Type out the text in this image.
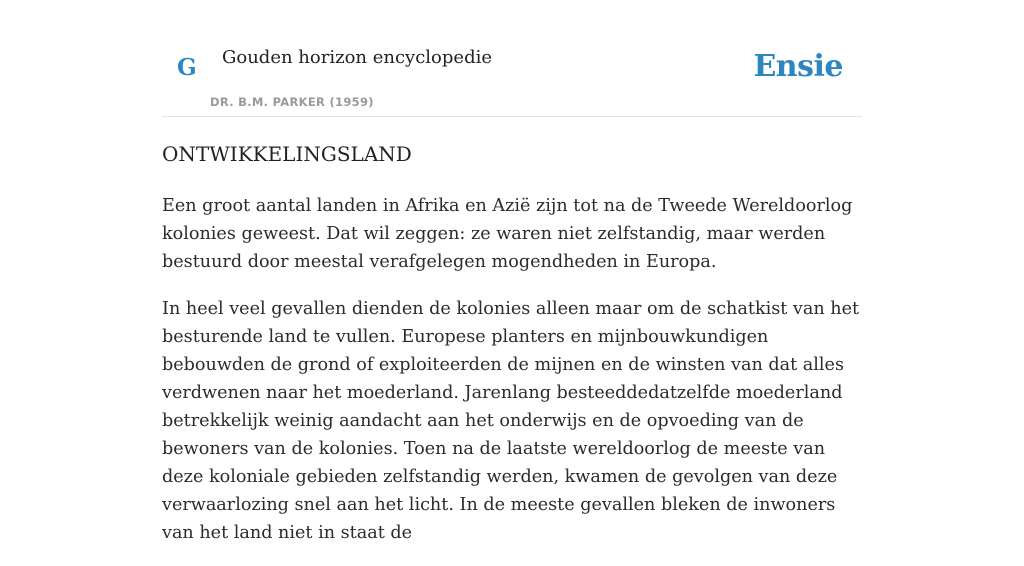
G Gouden horizon encyclopedie
DR. B.M. PARKER (1959)
Ensie
ONTWIKKELINGSLAND

Een groot aantal landen in Afrika en Azië zijn tot na de Tweede Wereldoorlog kolonies geweest. Dat wil zeggen: ze waren niet zelfstandig, maar werden bestuurd door meestal verafgelegen mogendheden in Europa.

In heel veel gevallen dienden de kolonies alleen maar om de schatkist van het besturende land te vullen. Europese planters en mijnbouwkundigen bebouwden de grond of exploiteerden de mijnen en de winsten van dat alles verdwenen naar het moederland. Jarenlang besteeddedatzelfde moederland betrekkelijk weinig aandacht aan het onderwijs en de opvoeding van de bewoners van de kolonies. Toen na de laatste wereldoorlog de meeste van deze koloniale gebieden zelfstandig werden, kwamen de gevolgen van deze verwaarlozing snel aan het licht. In de meeste gevallen bleken de inwoners van het land niet in staat de
